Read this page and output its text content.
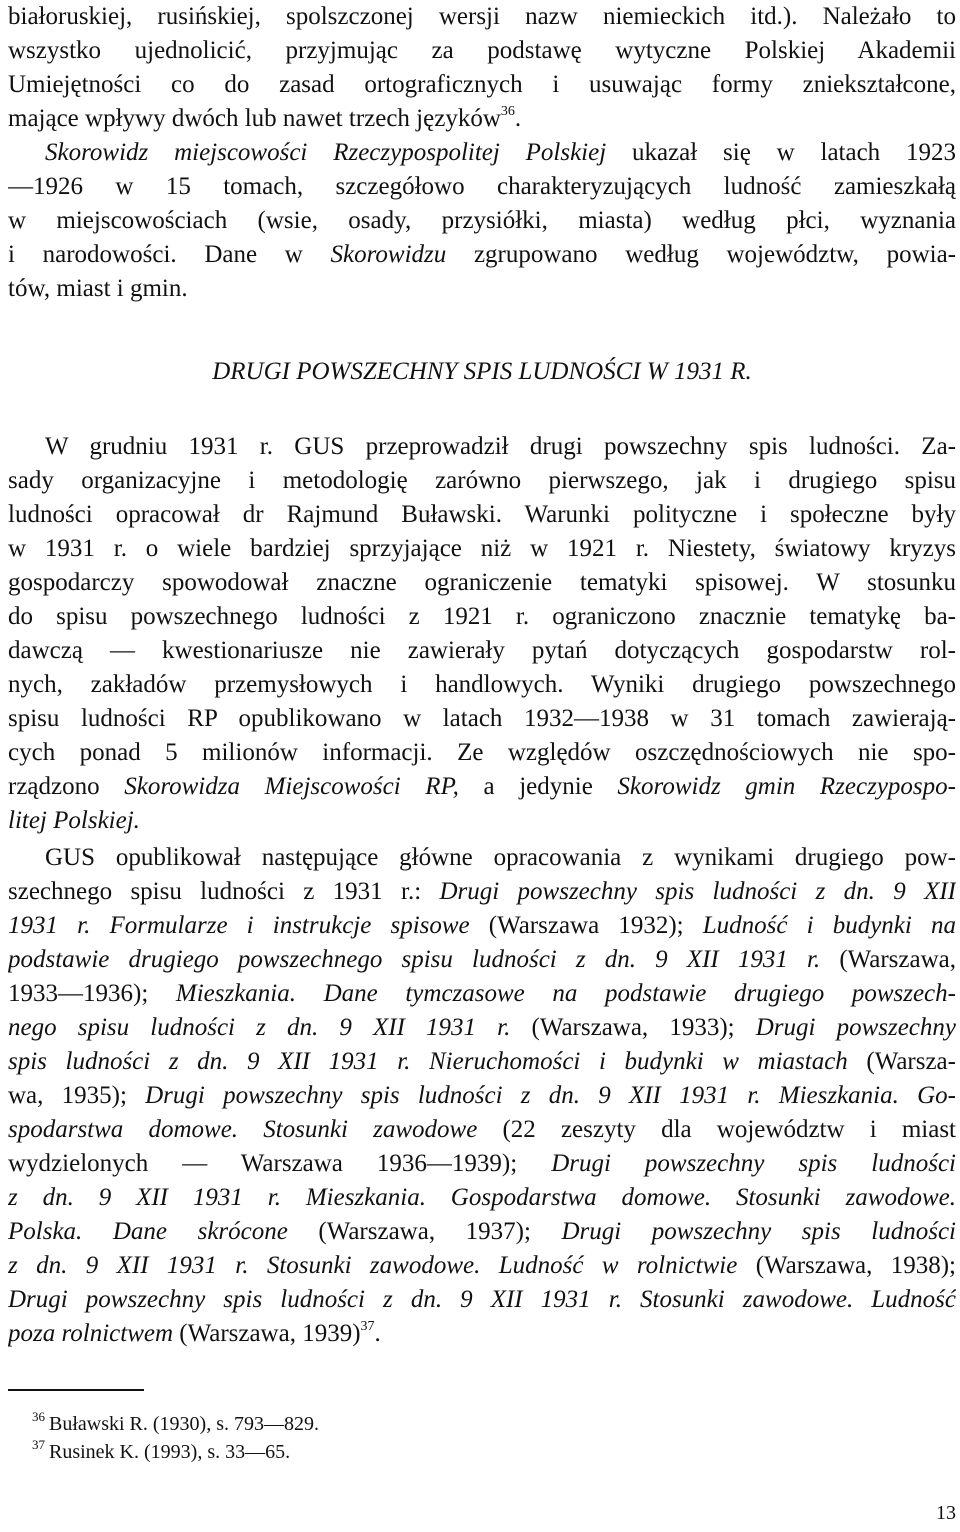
białoruskiej, rusińskiej, spolszczonej wersji nazw niemieckich itd.). Należało to
wszystko ujednolicić, przyjmując za podstawę wytyczne Polskiej Akademii
Umiejętności co do zasad ortograficznych i usuwając formy zniekształcone,
mające wpływy dwóch lub nawet trzech języków$^{36}$.
Skorowidz miejscowości Rzeczypospolitej Polskiej ukazał się w latach 1923
—1926 w 15 tomach, szczegółowo charakteryzujących ludność zamieszkałą
w miejscowościach (wsie, osady, przysiółki, miasta) według płci, wyznania
i narodowości. Dane w Skorowidzu zgrupowano według województw, powia-
tów, miast i gmin.
DRUGI POWSZECHNY SPIS LUDNOŚCI W 1931 R.
W grudniu 1931 r. GUS przeprowadził drugi powszechny spis ludności. Za-
sady organizacyjne i metodologię zarówno pierwszego, jak i drugiego spisu
ludności opracował dr Rajmund Buławski. Warunki polityczne i społeczne były
w 1931 r. o wiele bardziej sprzyjające niż w 1921 r. Niestety, światowy kryzys
gospodarczy spowodował znaczne ograniczenie tematyki spisowej. W stosunku
do spisu powszechnego ludności z 1921 r. ograniczono znacznie tematykę ba-
dawczą — kwestionariusze nie zawierały pytań dotyczących gospodarstw rol-
nych, zakładów przemysłowych i handlowych. Wyniki drugiego powszechnego
spisu ludności RP opublikowano w latach 1932—1938 w 31 tomach zawierają-
cych ponad 5 milionów informacji. Ze względów oszczędnościowych nie spo-
rządzono Skorowidza Miejscowości RP, a jedynie Skorowidz gmin Rzeczypospo-
litej Polskiej.
GUS opublikował następujące główne opracowania z wynikami drugiego pow-
szechnego spisu ludności z 1931 r.: Drugi powszechny spis ludności z dn. 9 XII
1931 r. Formularze i instrukcje spisowe (Warszawa 1932); Ludność i budynki na
podstawie drugiego powszechnego spisu ludności z dn. 9 XII 1931 r. (Warszawa,
1933—1936); Mieszkania. Dane tymczasowe na podstawie drugiego powszech-
nego spisu ludności z dn. 9 XII 1931 r. (Warszawa, 1933); Drugi powszechny
spis ludności z dn. 9 XII 1931 r. Nieruchomości i budynki w miastach (Warsza-
wa, 1935); Drugi powszechny spis ludności z dn. 9 XII 1931 r. Mieszkania. Go-
spodarstwa domowe. Stosunki zawodowe (22 zeszyty dla województw i miast
wydzielonych — Warszawa 1936—1939); Drugi powszechny spis ludności
z dn. 9 XII 1931 r. Mieszkania. Gospodarstwa domowe. Stosunki zawodowe.
Polska. Dane skrócone (Warszawa, 1937); Drugi powszechny spis ludności
z dn. 9 XII 1931 r. Stosunki zawodowe. Ludność w rolnictwie (Warszawa, 1938);
Drugi powszechny spis ludności z dn. 9 XII 1931 r. Stosunki zawodowe. Ludność
poza rolnictwem (Warszawa, 1939)$^{37}$.
$^{36}$ Buławski R. (1930), s. 793—829.
$^{37}$ Rusinek K. (1993), s. 33—65.
13
